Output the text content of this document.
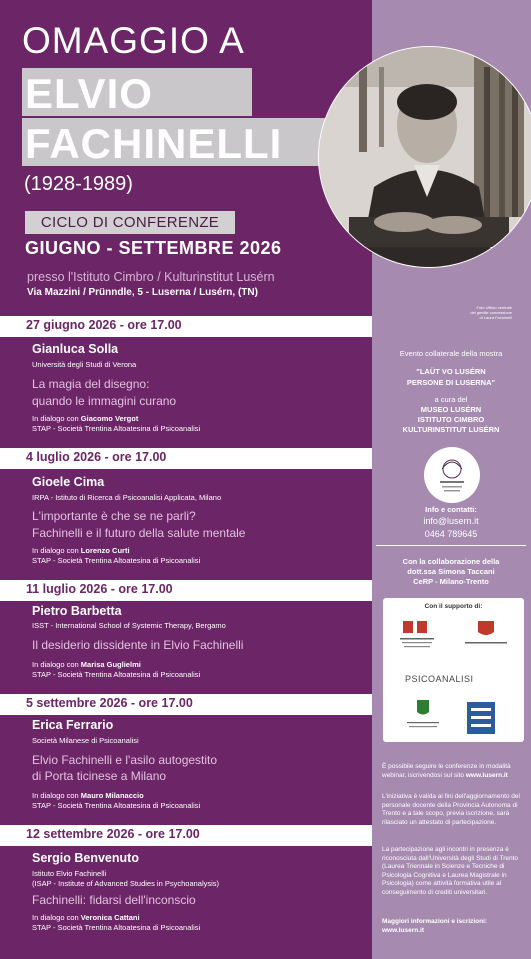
OMAGGIO A
ELVIO
FACHINELLI
(1928-1989)
Foto Ufficio centrale
del gentile concessione
di Laura Fachinelli
CICLO DI CONFERENZE
GIUGNO - SETTEMBRE 2026
presso l'Istituto Cimbro / Kulturinstitut Lusérn
Via Mazzini / Prünndle, 5 - Luserna / Lusérn, (TN)
27 giugno 2026 - ore 17.00
Gianluca Solla
Università degli Studi di Verona
La magia del disegno:
quando le immagini curano
In dialogo con Giacomo Vergot
STAP - Società Trentina Altoatesina di Psicoanalisi
4 luglio 2026 - ore 17.00
Gioele Cima
IRPA - Istituto di Ricerca di Psicoanalisi Applicata, Milano
L'importante è che se ne parli?
Fachinelli e il futuro della salute mentale
In dialogo con Lorenzo Curti
STAP - Società Trentina Altoatesina di Psicoanalisi
11 luglio 2026 - ore 17.00
Pietro Barbetta
ISST - International School of Systemic Therapy, Bergamo
Il desiderio dissidente in Elvio Fachinelli
In dialogo con Marisa Guglielmi
STAP - Società Trentina Altoatesina di Psicoanalisi
5 settembre 2026 - ore 17.00
Erica Ferrario
Società Milanese di Psicoanalisi
Elvio Fachinelli e l'asilo autogestito
di Porta ticinese a Milano
In dialogo con Mauro Milanaccio
STAP - Società Trentina Altoatesina di Psicoanalisi
12 settembre 2026 - ore 17.00
Sergio Benvenuto
Istituto Elvio Fachinelli
(ISAP - Institute of Advanced Studies in Psychoanalysis)
Fachinelli: fidarsi dell'inconscio
In dialogo con Veronica Cattani
STAP - Società Trentina Altoatesina di Psicoanalisi
Evento collaterale della mostra
"LAÜT VO LUSÉRN
PERSONE DI LUSERNA"
a cura del
MUSEO LUSÉRN
ISTITUTO CIMBRO
KULTURINSTITUT LUSÉRN
Info e contatti:
info@lusern.it
0464 789645
Con la collaborazione della
dott.ssa Simona Taccani
CeRP - Milano-Trento
Con il supporto di:
PSICOANALISI
È possibile seguire le conferenze in modalità webinar, iscrivendosi sul sito www.lusern.it
L'iniziativa è valida ai fini dell'aggiornamento del personale docente della Provincia Autonoma di Trento e a tale scopo, previa iscrizione, sarà rilasciato un attestato di partecipazione.
La partecipazione agli incontri in presenza è riconosciuta dall'Università degli Studi di Trento (Laurea Triennale in Scienze e Tecniche di Psicologia Cognitiva e Laurea Magistrale in Psicologia) come attività formativa utile al conseguimento di crediti universitari.
Maggiori informazioni e iscrizioni:
www.lusern.it
